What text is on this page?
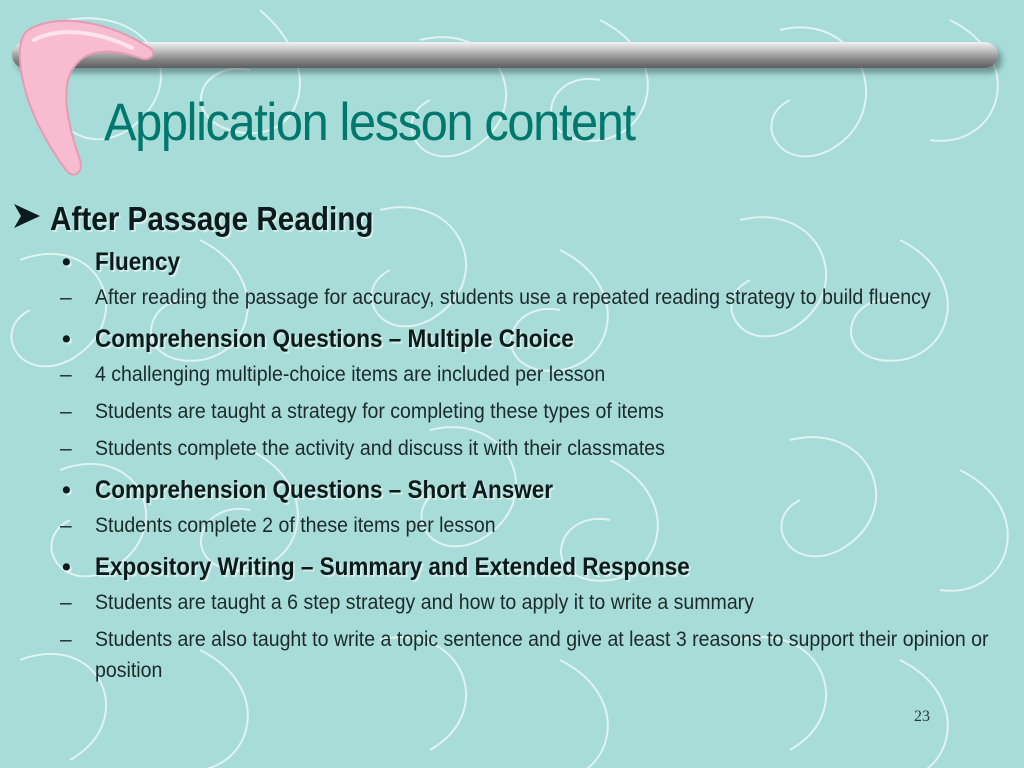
Application lesson content
After Passage Reading
• Fluency
– After reading the passage for accuracy, students use a repeated reading strategy to build fluency
• Comprehension Questions – Multiple Choice
– 4 challenging multiple-choice items are included per lesson
– Students are taught a strategy for completing these types of items
– Students complete the activity and discuss it with their classmates
• Comprehension Questions – Short Answer
– Students complete 2 of these items per lesson
• Expository Writing – Summary and Extended Response
– Students are taught a 6 step strategy and how to apply it to write a summary
– Students are also taught to write a topic sentence and give at least 3 reasons to support their opinion or position
23
